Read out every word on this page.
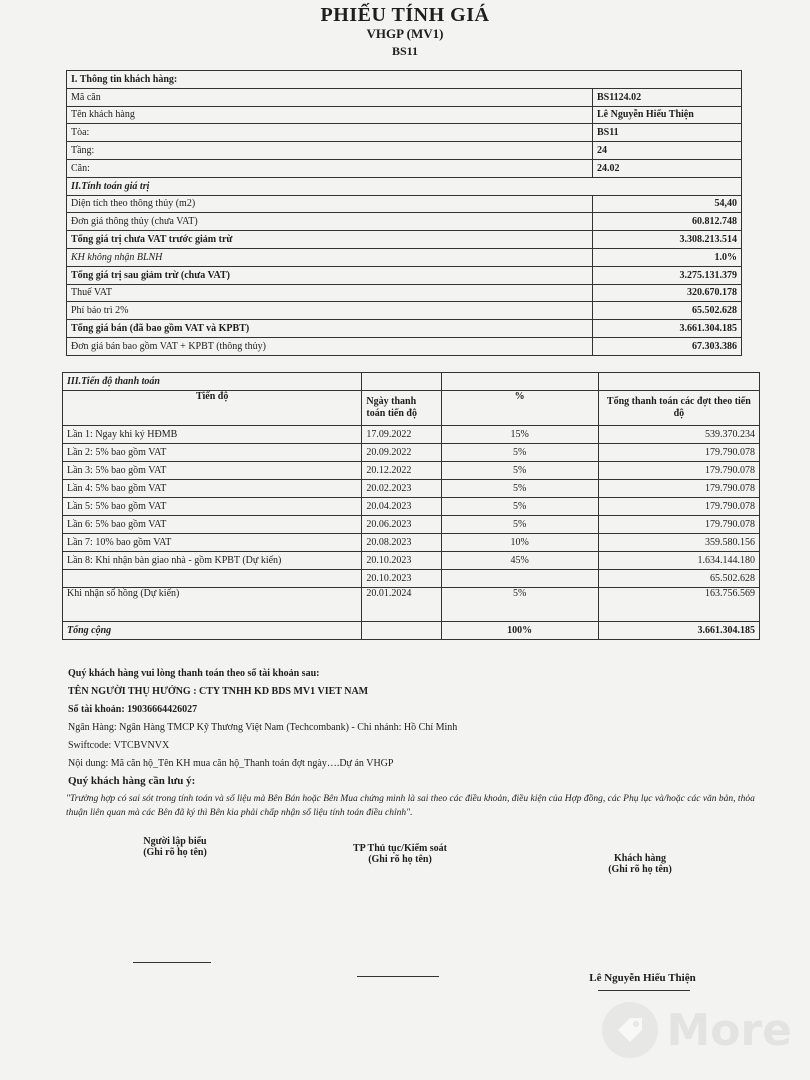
PHIẾU TÍNH GIÁ
VHGP (MV1)
BS11
I. Thông tin khách hàng:	
Mã căn	BS1124.02
Tên khách hàng	Lê Nguyễn Hiếu Thiện
Tòa:	BS11
Tầng:	24
Căn:	24.02
II.Tính toán giá trị	
Diện tích theo thông thủy (m2)	54,40
Đơn giá thông thủy (chưa VAT)	60.812.748
Tổng giá trị chưa VAT trước giảm trừ	3.308.213.514
KH không nhận BLNH	1.0%
Tổng giá trị sau giảm trừ (chưa VAT)	3.275.131.379
Thuế VAT	320.670.178
Phí bảo trì 2%	65.502.628
Tổng giá bán (đã bao gồm VAT và KPBT)	3.661.304.185
Đơn giá bán bao gồm VAT + KPBT (thông thủy)	67.303.386
III.Tiến độ thanh toán			
Tiến độ	Ngày thanh toán tiến độ	%	Tổng thanh toán các đợt theo tiến độ
Lần 1: Ngay khi ký HĐMB	17.09.2022	15%	539.370.234
Lần 2: 5% bao gồm VAT	20.09.2022	5%	179.790.078
Lần 3: 5% bao gồm VAT	20.12.2022	5%	179.790.078
Lần 4: 5% bao gồm VAT	20.02.2023	5%	179.790.078
Lần 5: 5% bao gồm VAT	20.04.2023	5%	179.790.078
Lần 6: 5% bao gồm VAT	20.06.2023	5%	179.790.078
Lần 7: 10% bao gồm VAT	20.08.2023	10%	359.580.156
Lần 8: Khi nhận bàn giao nhà - gồm KPBT (Dự kiến)	20.10.2023	45%	1.634.144.180
	20.10.2023		65.502.628
Khi nhận sổ hồng (Dự kiến)	20.01.2024	5%	163.756.569
Tổng cộng		100%	3.661.304.185
Quý khách hàng vui lòng thanh toán theo số tài khoản sau:
TÊN NGƯỜI THỤ HƯỞNG : CTY TNHH KD BDS MV1 VIET NAM
Số tài khoản: 19036664426027
Ngân Hàng: Ngân Hàng TMCP Kỹ Thương Việt Nam (Techcombank) - Chi nhánh: Hồ Chí Minh
Swiftcode: VTCBVNVX
Nội dung: Mã căn hộ_Tên KH mua căn hộ_Thanh toán đợt ngày….Dự án VHGP
Quý khách hàng cần lưu ý:
"Trường hợp có sai sót trong tính toán và số liệu mà Bên Bán hoặc Bên Mua chứng minh là sai theo các điều khoản, điều kiện của Hợp đồng, các Phụ lục và/hoặc các văn bản, thỏa thuận liên quan mà các Bên đã ký thì Bên kia phải chấp nhận số liệu tính toán điều chỉnh".
Người lập biểu
(Ghi rõ họ tên)	TP Thủ tục/Kiểm soát
(Ghi rõ họ tên)	Khách hàng
(Ghi rõ họ tên)
Lê Nguyễn Hiếu Thiện
More
